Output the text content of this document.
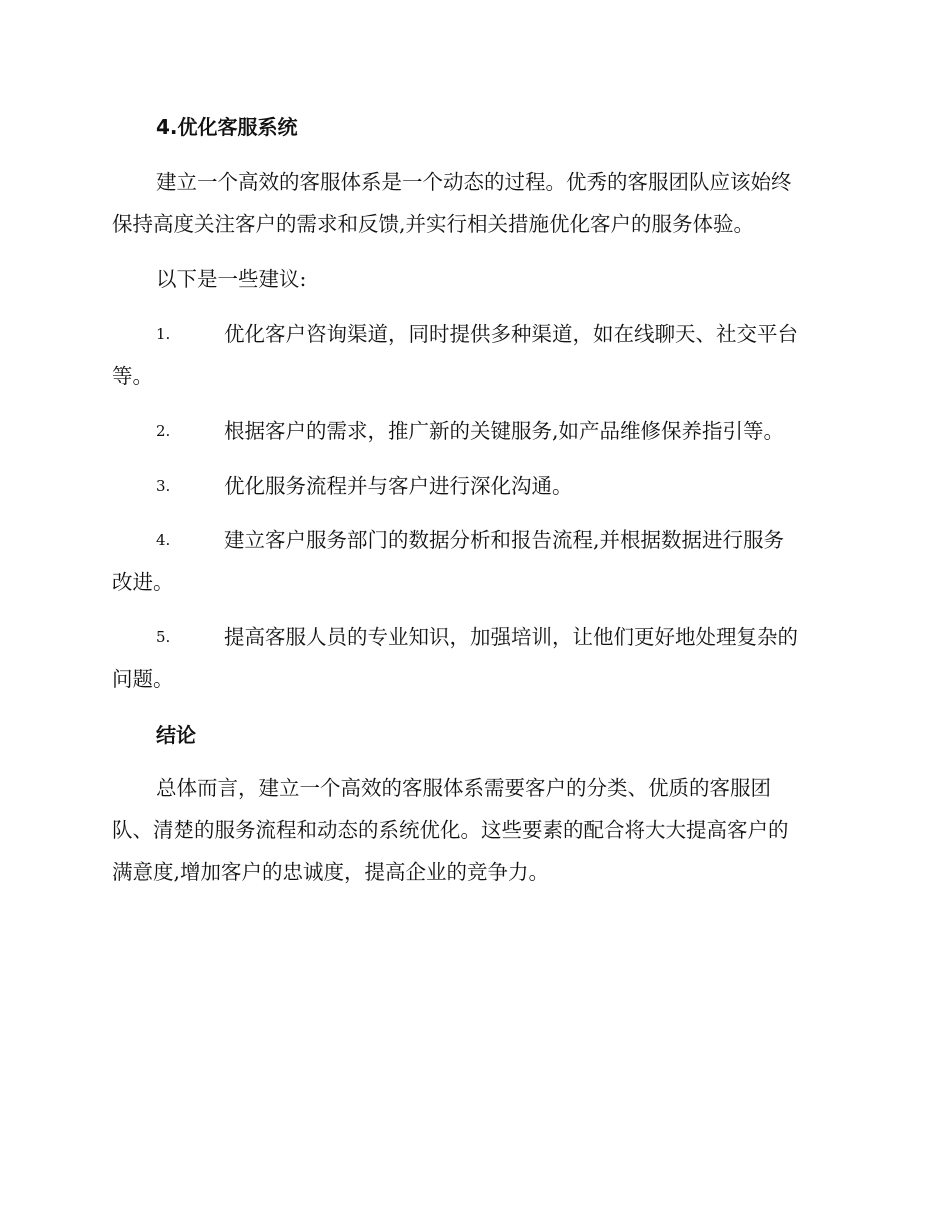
4.优化客服系统

建立一个高效的客服体系是一个动态的过程。优秀的客服团队应该始终
保持高度关注客户的需求和反馈,并实行相关措施优化客户的服务体验。

以下是一些建议:

1.	优化客户咨询渠道，同时提供多种渠道，如在线聊天、社交平台
等。
2.	根据客户的需求，推广新的关键服务,如产品维修保养指引等。
3.	优化服务流程并与客户进行深化沟通。
4.	建立客户服务部门的数据分析和报告流程,并根据数据进行服务
改进。
5.	提高客服人员的专业知识，加强培训，让他们更好地处理复杂的
问题。
结论

总体而言，建立一个高效的客服体系需要客户的分类、优质的客服团
队、清楚的服务流程和动态的系统优化。这些要素的配合将大大提高客户的
满意度,增加客户的忠诚度，提高企业的竞争力。
